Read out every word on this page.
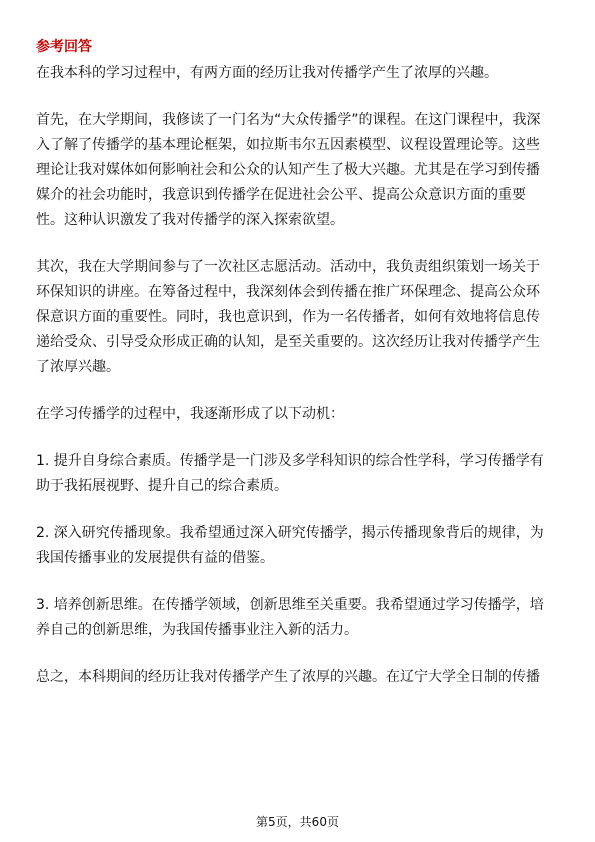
参考回答
在我本科的学习过程中，有两方面的经历让我对传播学产生了浓厚的兴趣。
首先，在大学期间，我修读了一门名为“大众传播学”的课程。在这门课程中，我深
入了解了传播学的基本理论框架，如拉斯韦尔五因素模型、议程设置理论等。这些
理论让我对媒体如何影响社会和公众的认知产生了极大兴趣。尤其是在学习到传播
媒介的社会功能时，我意识到传播学在促进社会公平、提高公众意识方面的重要
性。这种认识激发了我对传播学的深入探索欲望。
其次，我在大学期间参与了一次社区志愿活动。活动中，我负责组织策划一场关于
环保知识的讲座。在筹备过程中，我深刻体会到传播在推广环保理念、提高公众环
保意识方面的重要性。同时，我也意识到，作为一名传播者，如何有效地将信息传
递给受众、引导受众形成正确的认知，是至关重要的。这次经历让我对传播学产生
了浓厚兴趣。
在学习传播学的过程中，我逐渐形成了以下动机：
1. 提升自身综合素质。传播学是一门涉及多学科知识的综合性学科，学习传播学有
助于我拓展视野、提升自己的综合素质。
2. 深入研究传播现象。我希望通过深入研究传播学，揭示传播现象背后的规律，为
我国传播事业的发展提供有益的借鉴。
3. 培养创新思维。在传播学领域，创新思维至关重要。我希望通过学习传播学，培
养自己的创新思维，为我国传播事业注入新的活力。
总之，本科期间的经历让我对传播学产生了浓厚的兴趣。在辽宁大学全日制的传播
第5页，共60页
